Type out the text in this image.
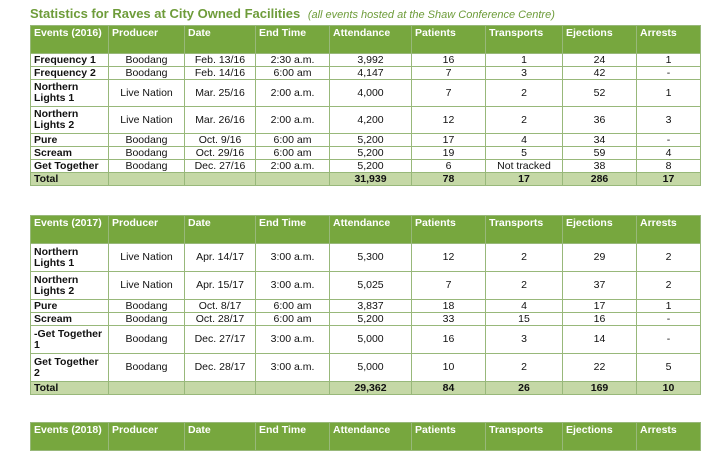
Statistics for Raves at City Owned Facilities (all events hosted at the Shaw Conference Centre)
Events (2016)	Producer	Date	End Time	Attendance	Patients	Transports	Ejections	Arrests
Frequency 1	Boodang	Feb. 13/16	2:30 a.m.	3,992	16	1	24	1
Frequency 2	Boodang	Feb. 14/16	6:00 am	4,147	7	3	42	-
Northern Lights 1	Live Nation	Mar. 25/16	2:00 a.m.	4,000	7	2	52	1
Northern Lights 2	Live Nation	Mar. 26/16	2:00 a.m.	4,200	12	2	36	3
Pure	Boodang	Oct. 9/16	6:00 am	5,200	17	4	34	-
Scream	Boodang	Oct. 29/16	6:00 am	5,200	19	5	59	4
Get Together	Boodang	Dec. 27/16	2:00 a.m.	5,200	6	Not tracked	38	8
Total				31,939	78	17	286	17
Events (2017)	Producer	Date	End Time	Attendance	Patients	Transports	Ejections	Arrests
Northern Lights 1	Live Nation	Apr. 14/17	3:00 a.m.	5,300	12	2	29	2
Northern Lights 2	Live Nation	Apr. 15/17	3:00 a.m.	5,025	7	2	37	2
Pure	Boodang	Oct. 8/17	6:00 am	3,837	18	4	17	1
Scream	Boodang	Oct. 28/17	6:00 am	5,200	33	15	16	-
-Get Together 1	Boodang	Dec. 27/17	3:00 a.m.	5,000	16	3	14	-
Get Together 2	Boodang	Dec. 28/17	3:00 a.m.	5,000	10	2	22	5
Total				29,362	84	26	169	10
Events (2018)	Producer	Date	End Time	Attendance	Patients	Transports	Ejections	Arrests
